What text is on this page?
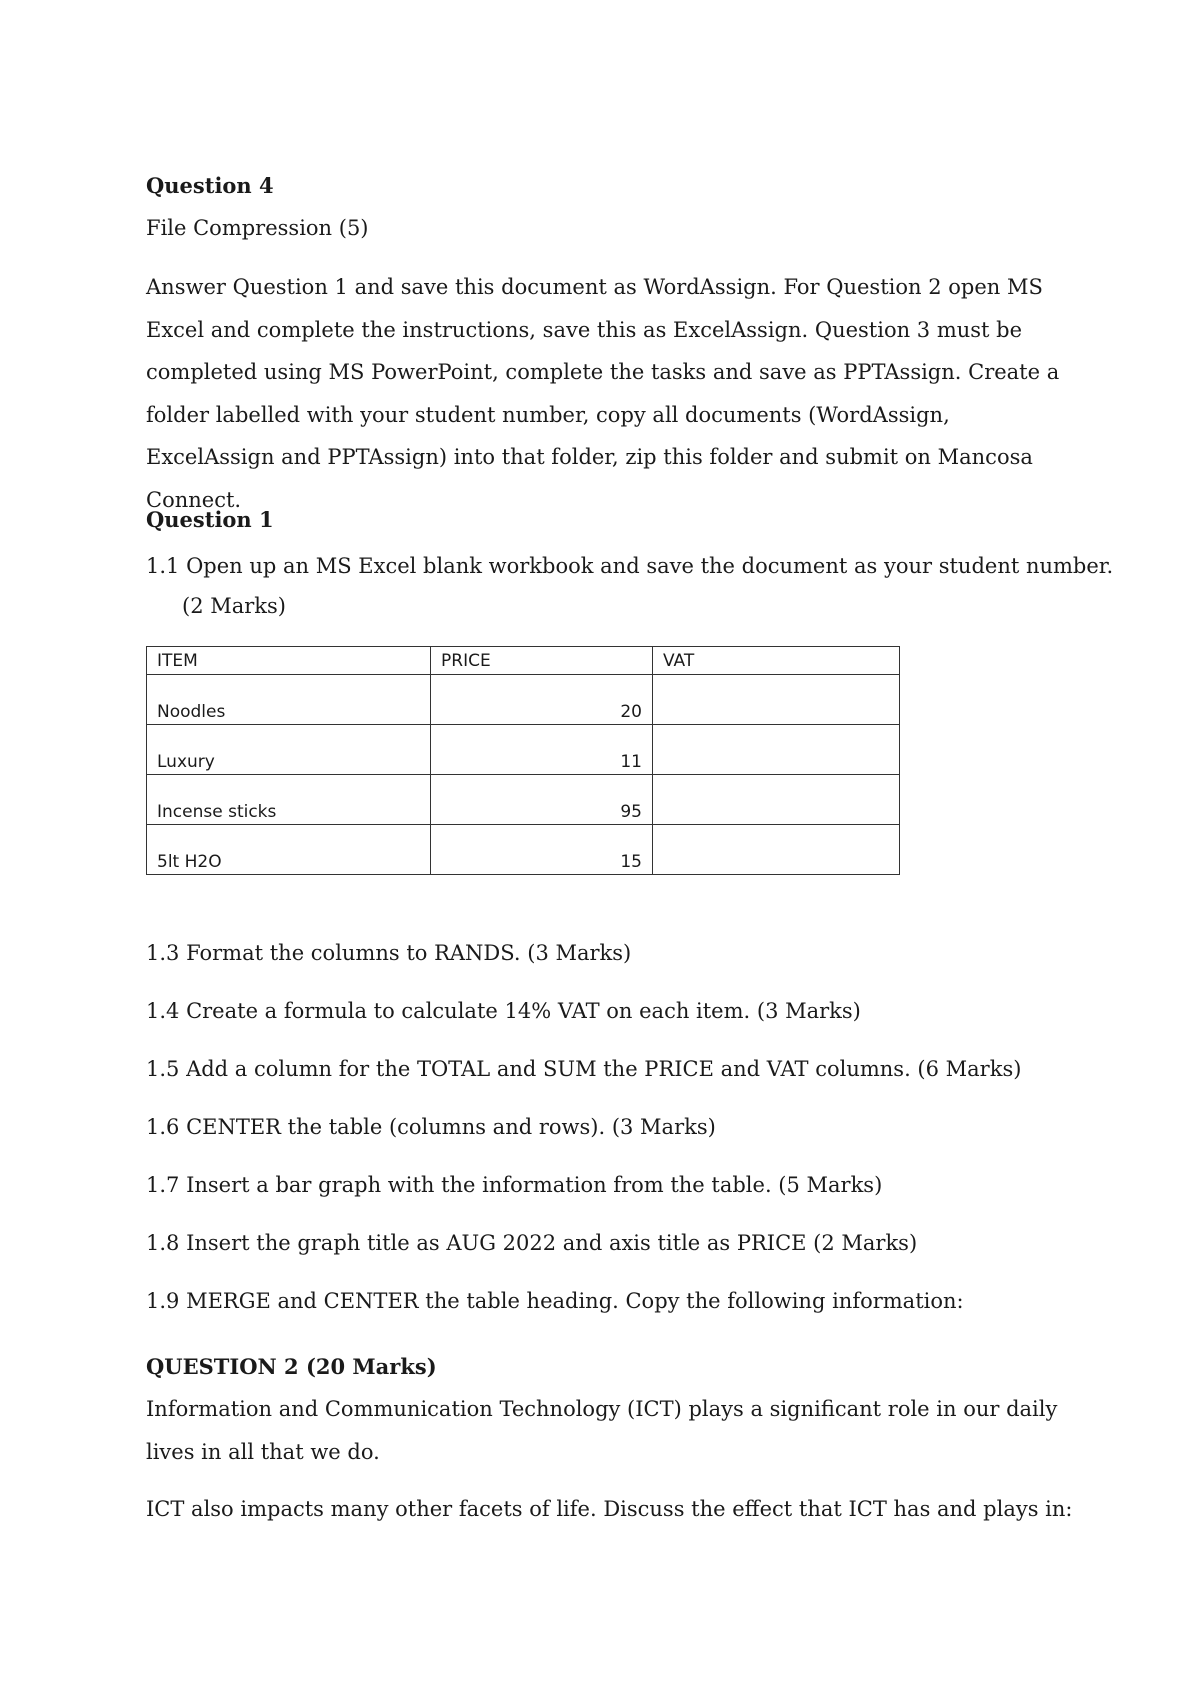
Question 4
File Compression (5)

Answer Question 1 and save this document as WordAssign. For Question 2 open MS Excel and complete the instructions, save this as ExcelAssign. Question 3 must be completed using MS PowerPoint, complete the tasks and save as PPTAssign. Create a folder labelled with your student number, copy all documents (WordAssign, ExcelAssign and PPTAssign) into that folder, zip this folder and submit on Mancosa Connect.

Question 1
1.1 Open up an MS Excel blank workbook and save the document as your student number. (2 Marks)
ITEM	PRICE	VAT
Noodles	20	
Luxury	11	
Incense sticks	95	
5lt H2O	15	
1.3 Format the columns to RANDS. (3 Marks)
1.4 Create a formula to calculate 14% VAT on each item. (3 Marks)
1.5 Add a column for the TOTAL and SUM the PRICE and VAT columns. (6 Marks)
1.6 CENTER the table (columns and rows). (3 Marks)
1.7 Insert a bar graph with the information from the table. (5 Marks)
1.8 Insert the graph title as AUG 2022 and axis title as PRICE (2 Marks)
1.9 MERGE and CENTER the table heading. Copy the following information:
QUESTION 2 (20 Marks)
Information and Communication Technology (ICT) plays a significant role in our daily lives in all that we do.
ICT also impacts many other facets of life. Discuss the effect that ICT has and plays in:
